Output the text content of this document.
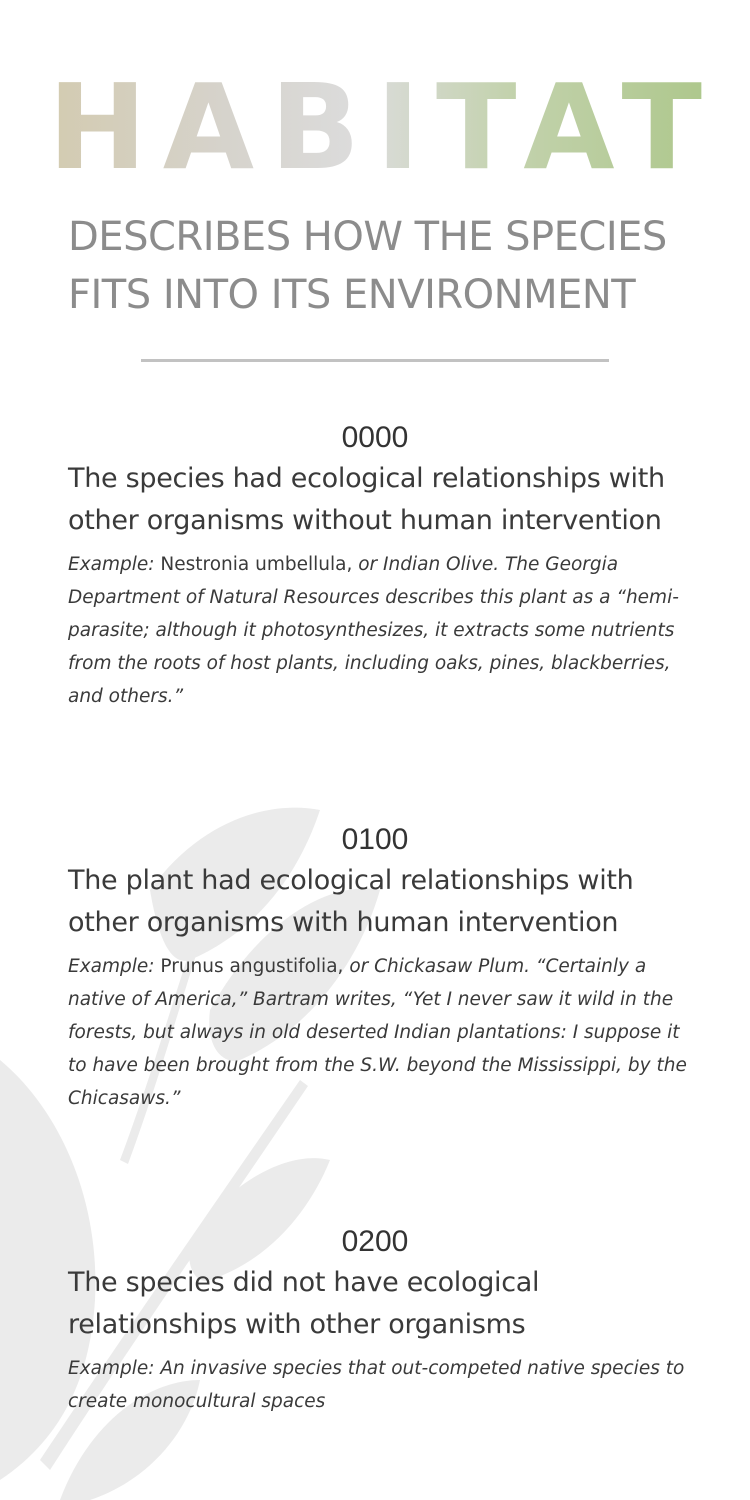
HABITAT
DESCRIBES HOW THE SPECIES
FITS INTO ITS ENVIRONMENT
0000

The species had ecological relationships with other organisms without human intervention

Example: Nestronia umbellula, or Indian Olive. The Georgia Department of Natural Resources describes this plant as a “hemi-parasite; although it photosynthesizes, it extracts some nutrients from the roots of host plants, including oaks, pines, blackberries, and others.”

0100

The plant had ecological relationships with other organisms with human intervention

Example: Prunus angustifolia, or Chickasaw Plum. “Certainly a native of America,” Bartram writes, “Yet I never saw it wild in the forests, but always in old deserted Indian plantations: I suppose it to have been brought from the S.W. beyond the Mississippi, by the Chicasaws.”

0200

The species did not have ecological relationships with other organisms

Example: An invasive species that out-competed native species to create monocultural spaces
